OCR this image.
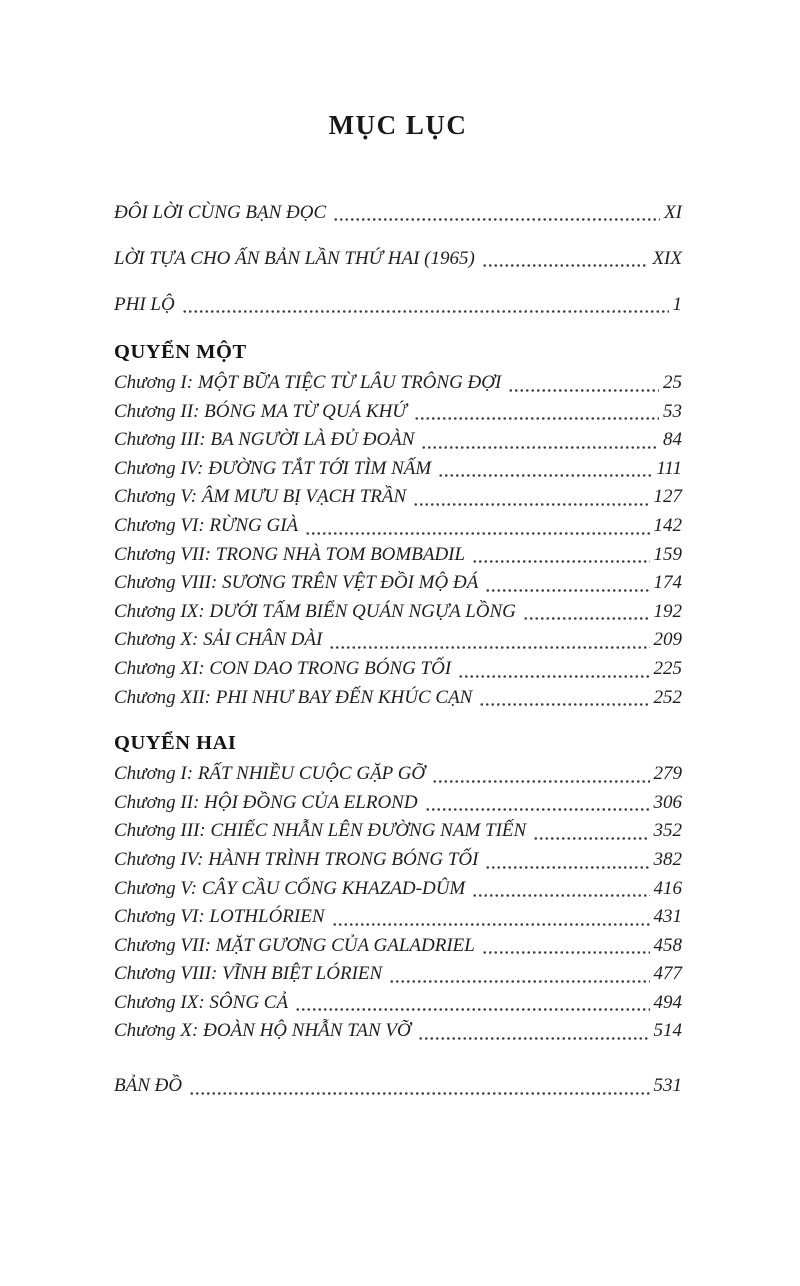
MỤC LỤC
ĐÔI LỜI CÙNG BẠN ĐỌC	XI
LỜI TỰA CHO ẤN BẢN LẦN THỨ HAI (1965)	XIX
PHI LỘ	1
QUYỂN MỘT
Chương I: MỘT BỮA TIỆC TỪ LÂU TRÔNG ĐỢI	25
Chương II: BÓNG MA TỪ QUÁ KHỨ	53
Chương III: BA NGƯỜI LÀ ĐỦ ĐOÀN	84
Chương IV: ĐƯỜNG TẮT TỚI TÌM NẤM	111
Chương V: ÂM MƯU BỊ VẠCH TRẦN	127
Chương VI: RỪNG GIÀ	142
Chương VII: TRONG NHÀ TOM BOMBADIL	159
Chương VIII: SƯƠNG TRÊN VỆT ĐỒI MỘ ĐÁ	174
Chương IX: DƯỚI TẤM BIỂN QUÁN NGỰA LỒNG	192
Chương X: SẢI CHÂN DÀI	209
Chương XI: CON DAO TRONG BÓNG TỐI	225
Chương XII: PHI NHƯ BAY ĐẾN KHÚC CẠN	252
QUYỂN HAI
Chương I: RẤT NHIỀU CUỘC GẶP GỠ	279
Chương II: HỘI ĐỒNG CỦA ELROND	306
Chương III: CHIẾC NHẪN LÊN ĐƯỜNG NAM TIẾN	352
Chương IV: HÀNH TRÌNH TRONG BÓNG TỐI	382
Chương V: CÂY CẦU CỔNG KHAZAD-DÛM	416
Chương VI: LOTHLÓRIEN	431
Chương VII: MẶT GƯƠNG CỦA GALADRIEL	458
Chương VIII: VĨNH BIỆT LÓRIEN	477
Chương IX: SÔNG CẢ	494
Chương X: ĐOÀN HỘ NHẪN TAN VỠ	514
BẢN ĐỒ	531
